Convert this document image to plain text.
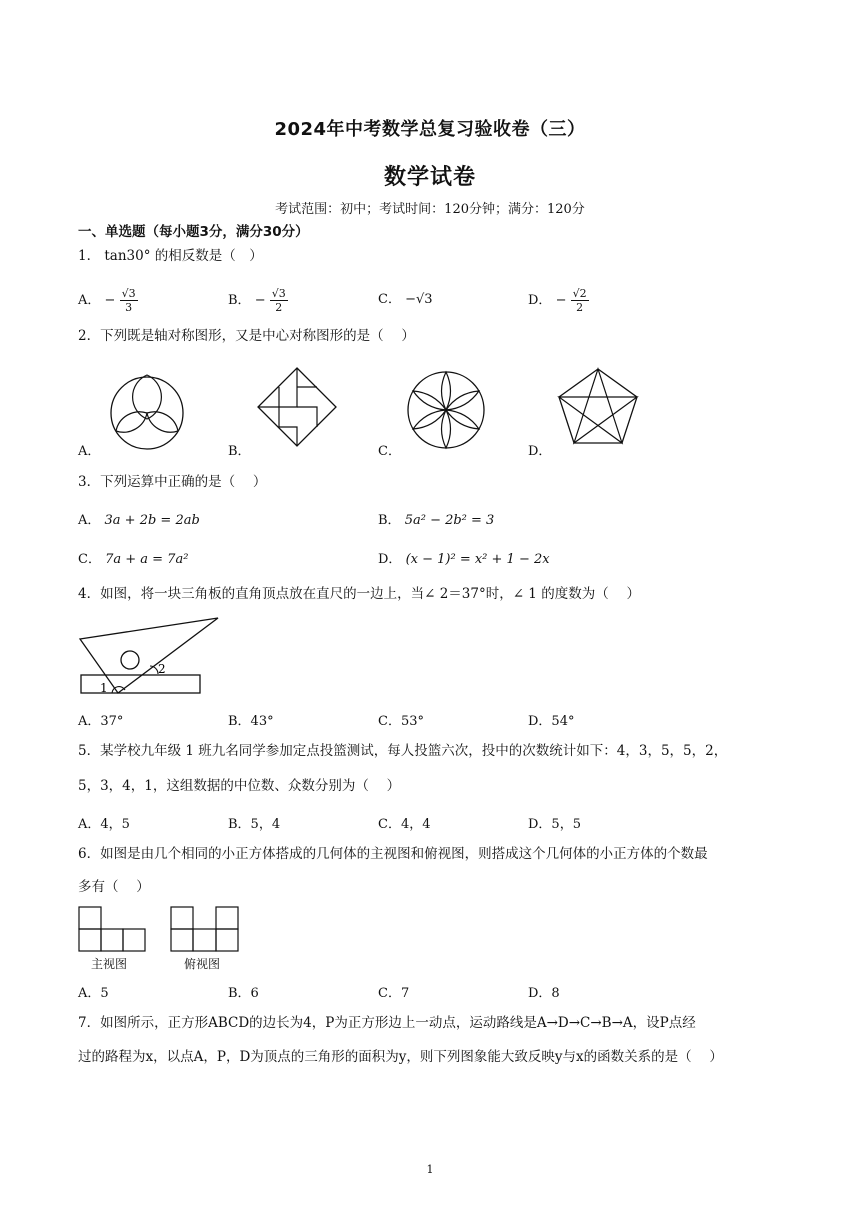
2024年中考数学总复习验收卷（三）
数学试卷
考试范围：初中；考试时间：120分钟；满分：120分
一、单选题（每小题3分，满分30分）
1． tan30° 的相反数是（　）
A． − $\frac{√3}{3}$	B． − $\frac{√3}{2}$	C． −√3	D． − $\frac{√2}{2}$
2．下列既是轴对称图形，又是中心对称图形的是（　 ）
A．	B．	C．	D．
3．下列运算中正确的是（　 ）
A． 3a + 2b = 2ab	B． 5a² − 2b² = 3
C． 7a + a = 7a²	D． (x − 1)² = x² + 1 − 2x
4．如图，将一块三角板的直角顶点放在直尺的一边上，当∠ 2＝37°时，∠ 1 的度数为（　 ）
1
2
A．37°	B．43°	C．53°	D．54°
5．某学校九年级 1 班九名同学参加定点投篮测试，每人投篮六次，投中的次数统计如下：4，3，5，5，2，
5，3，4，1，这组数据的中位数、众数分别为（　 ）
A．4，5	B．5，4	C．4，4	D．5，5
6．如图是由几个相同的小正方体搭成的几何体的主视图和俯视图，则搭成这个几何体的小正方体的个数最
多有（　 ）
主视图	俯视图
A．5	B．6	C．7	D．8
7．如图所示，正方形ABCD的边长为4，P为正方形边上一动点，运动路线是A→D→C→B→A，设P点经
过的路程为x，以点A，P，D为顶点的三角形的面积为y，则下列图象能大致反映y与x的函数关系的是（　 ）
1
